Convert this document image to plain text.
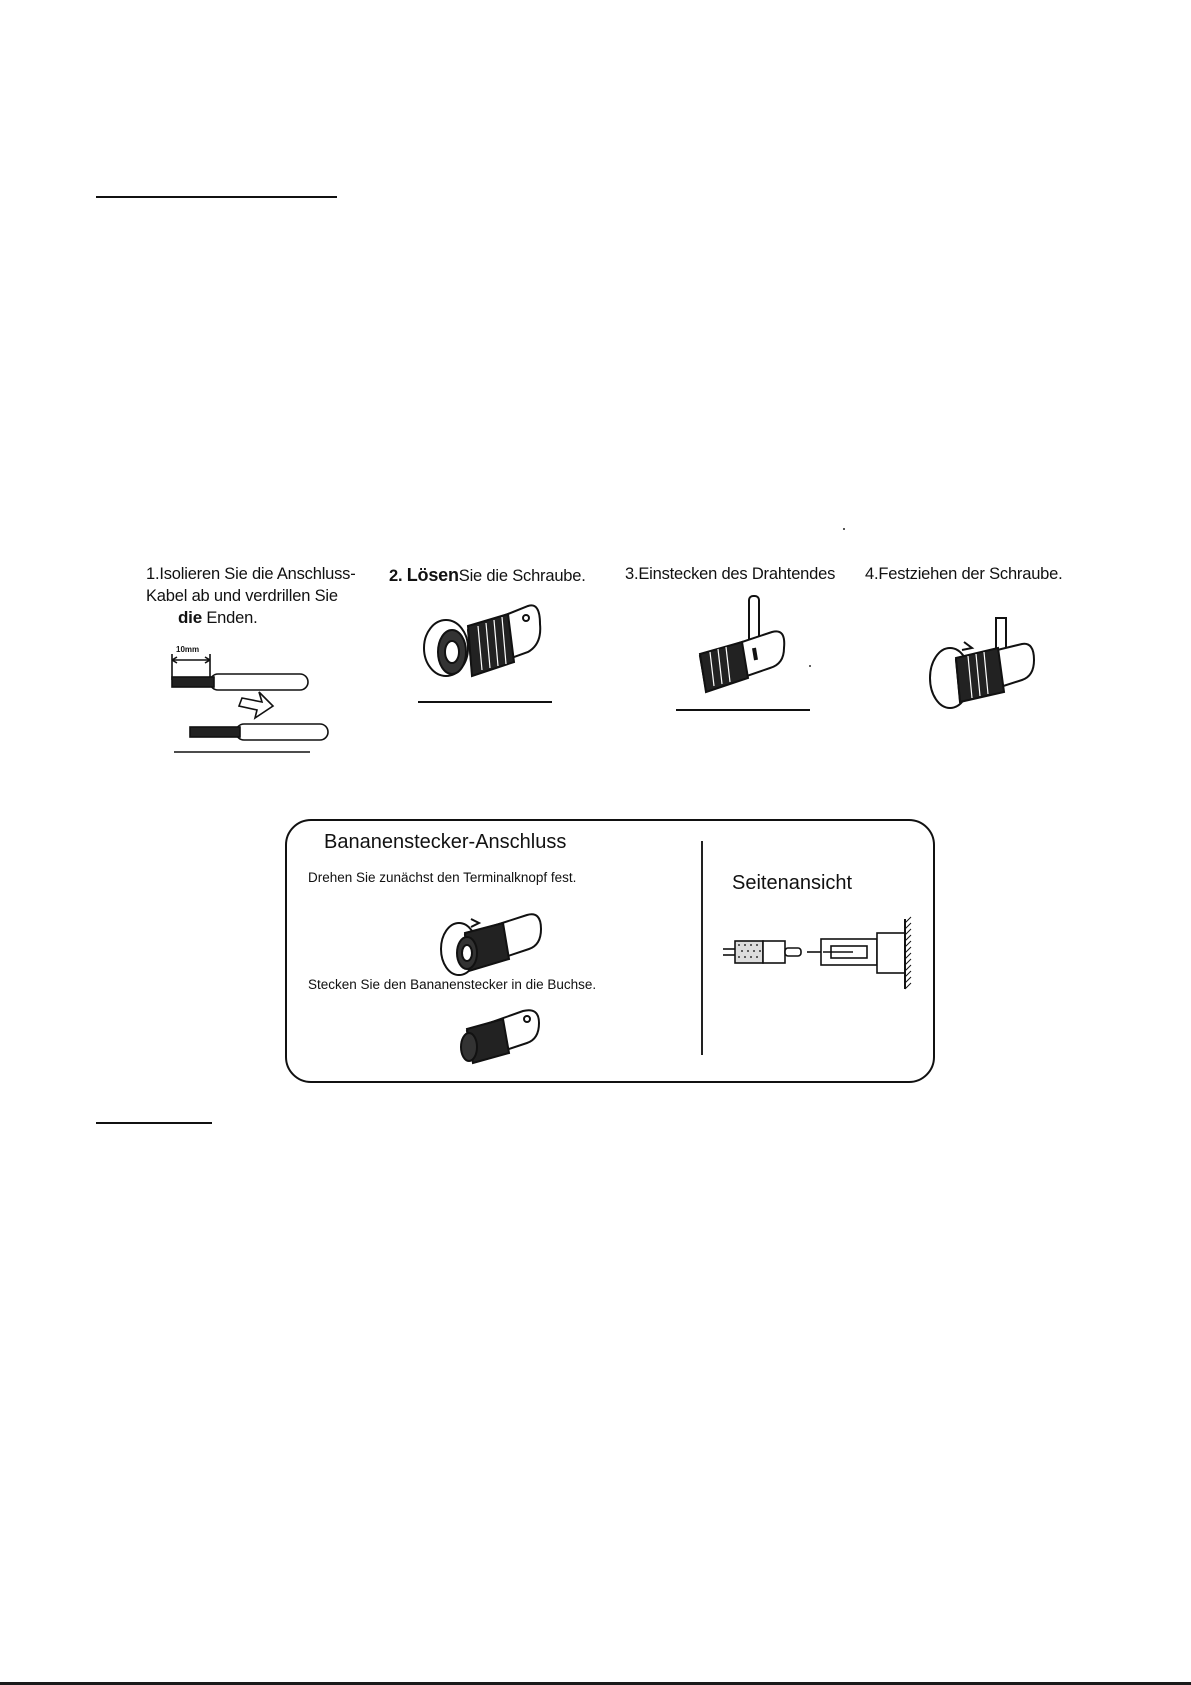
1.Isolieren Sie die Anschluss-
Kabel ab und verdrillen Sie
die Enden.
10mm
2. LösenSie die Schraube. 3.Einstecken des Drahtendes 4.Festziehen der Schraube.
Bananenstecker-Anschluss
Drehen Sie zunächst den Terminalknopf fest.
Stecken Sie den Bananenstecker in die Buchse.
Seitenansicht
